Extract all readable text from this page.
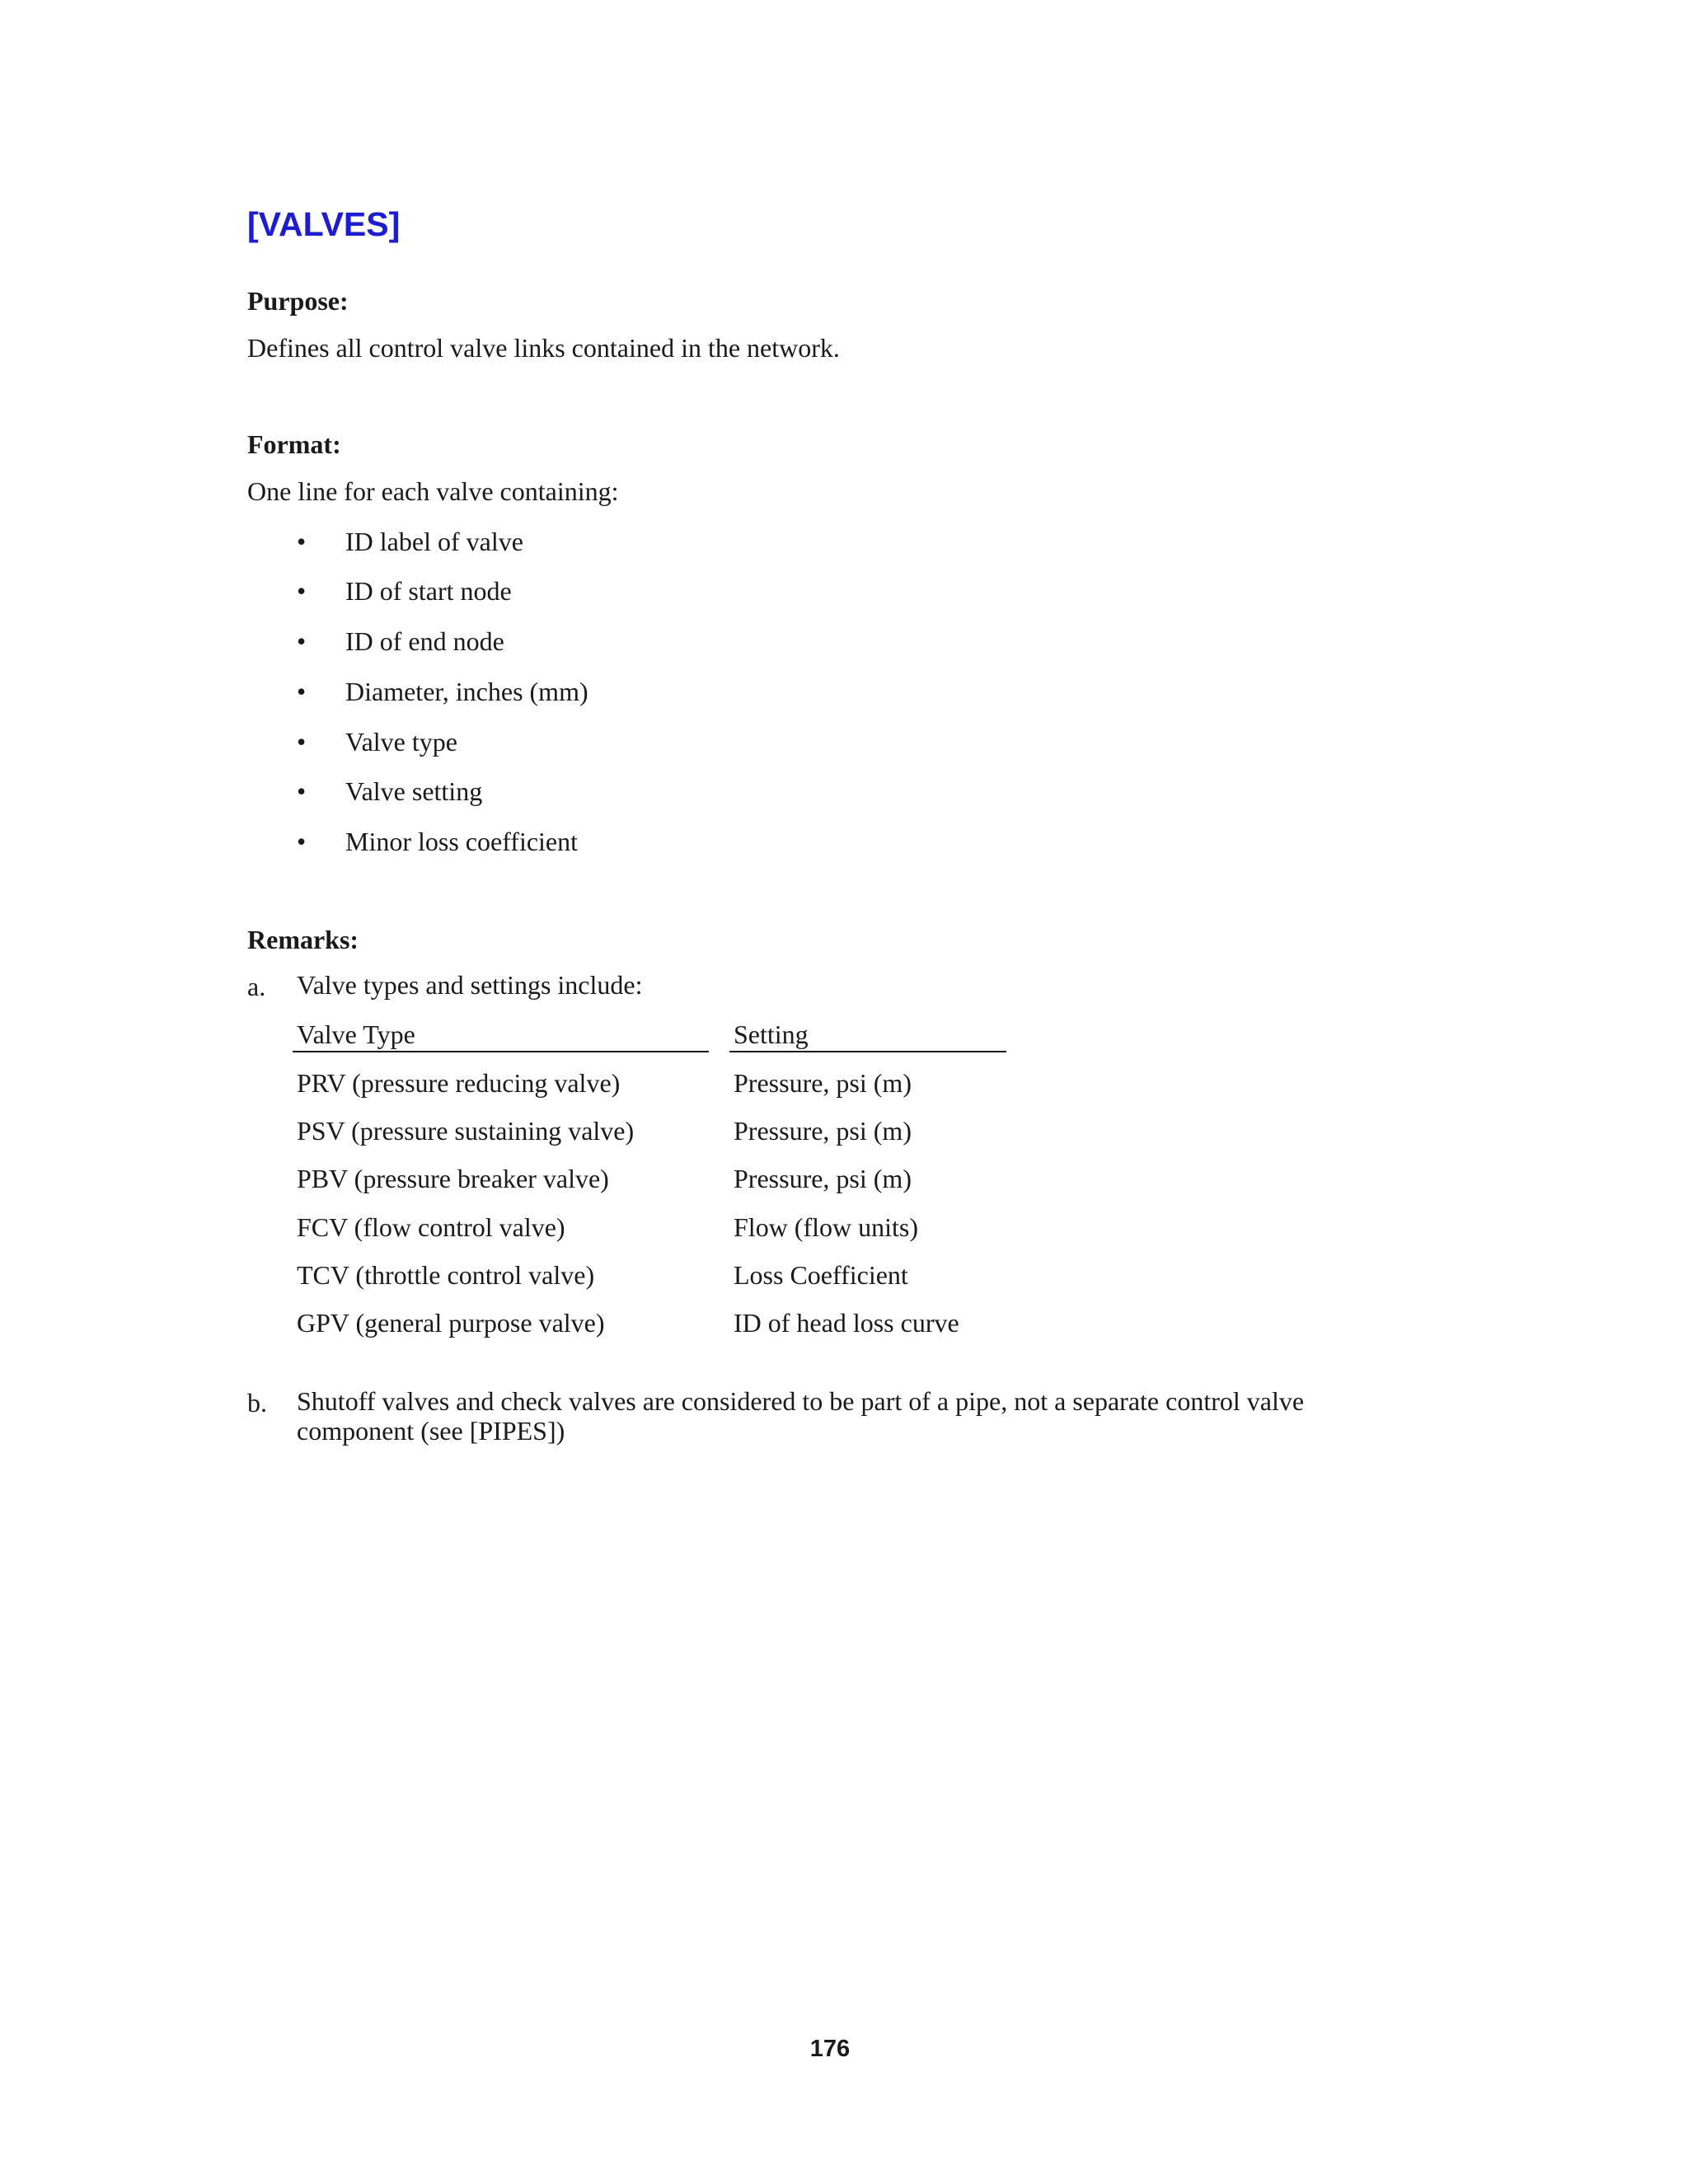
[VALVES]
Purpose:
Defines all control valve links contained in the network.
Format:
One line for each valve containing:
• ID label of valve
• ID of start node
• ID of end node
• Diameter, inches (mm)
• Valve type
• Valve setting
• Minor loss coefficient
Remarks:
a. Valve types and settings include:
Valve Type	Setting
PRV (pressure reducing valve)	Pressure, psi (m)
PSV (pressure sustaining valve)	Pressure, psi (m)
PBV (pressure breaker valve)	Pressure, psi (m)
FCV (flow control valve)	Flow (flow units)
TCV (throttle control valve)	Loss Coefficient
GPV (general purpose valve)	ID of head loss curve
b. Shutoff valves and check valves are considered to be part of a pipe, not a separate control valve component (see [PIPES])
176
